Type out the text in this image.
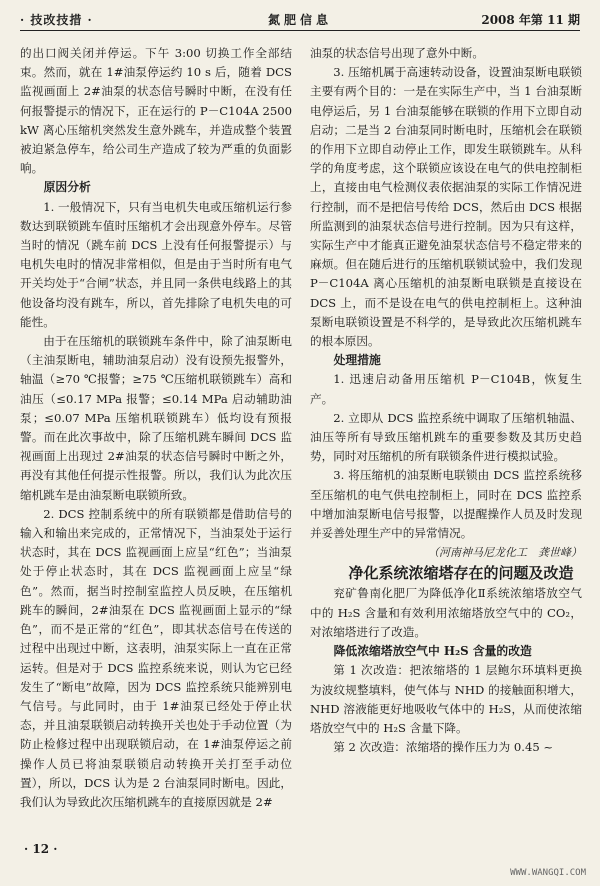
· 技改技措 ·	氮肥信息	2008 年第 11 期

的出口阀关闭并停运。下午 3:00 切换工作全部结束。然而，就在 1#油泵停运约 10 s 后，随着 DCS 监视画面上 2#油泵的状态信号瞬时中断，在没有任何报警提示的情况下，正在运行的 P－C104A 2500 kW 离心压缩机突然发生意外跳车，并造成整个装置被迫紧急停车，给公司生产造成了较为严重的负面影响。

原因分析

1. 一般情况下，只有当电机失电或压缩机运行参数达到联锁跳车值时压缩机才会出现意外停车。尽管当时的情况（跳车前 DCS 上没有任何报警提示）与电机失电时的情况非常相似，但是由于当时所有电气开关均处于“合闸”状态，并且同一条供电线路上的其他设备均没有跳车，所以，首先排除了电机失电的可能性。

由于在压缩机的联锁跳车条件中，除了油泵断电（主油泵断电，辅助油泵启动）没有设预先报警外，轴温（≥70 ℃报警；≥75 ℃压缩机联锁跳车）高和油压（≤0.17 MPa 报警；≤0.14 MPa 启动辅助油泵；≤0.07 MPa 压缩机联锁跳车）低均设有预报警。而在此次事故中，除了压缩机跳车瞬间 DCS 监视画面上出现过 2#油泵的状态信号瞬时中断之外，再没有其他任何提示性报警。所以，我们认为此次压缩机跳车是由油泵断电联锁所致。

2. DCS 控制系统中的所有联锁都是借助信号的输入和输出来完成的，正常情况下，当油泵处于运行状态时，其在 DCS 监视画面上应呈“红色”；当油泵处于停止状态时，其在 DCS 监视画面上应呈“绿色”。然而，据当时控制室监控人员反映，在压缩机跳车的瞬间，2#油泵在 DCS 监视画面上显示的“绿色”，而不是正常的“红色”，即其状态信号在传送的过程中出现过中断，这表明，油泵实际上一直在正常运转。但是对于 DCS 监控系统来说，则认为它已经发生了“断电”故障，因为 DCS 监控系统只能辨别电气信号。与此同时，由于 1#油泵已经处于停止状态，并且油泵联锁启动转换开关也处于手动位置（为防止检修过程中出现联锁启动，在 1#油泵停运之前操作人员已将油泵联锁启动转换开关打至手动位置），所以，DCS 认为是 2 台油泵同时断电。因此，我们认为导致此次压缩机跳车的直接原因就是 2#

油泵的状态信号出现了意外中断。

3. 压缩机属于高速转动设备，设置油泵断电联锁主要有两个目的：一是在实际生产中，当 1 台油泵断电停运后，另 1 台油泵能够在联锁的作用下立即自动启动；二是当 2 台油泵同时断电时，压缩机会在联锁的作用下立即自动停止工作，即发生联锁跳车。从科学的角度考虑，这个联锁应该设在电气的供电控制柜上，直接由电气检测仪表依据油泵的实际工作情况进行控制，而不是把信号传给 DCS，然后由 DCS 根据所监测到的油泵状态信号进行控制。因为只有这样，实际生产中才能真正避免油泵状态信号不稳定带来的麻烦。但在随后进行的压缩机联锁试验中，我们发现 P－C104A 离心压缩机的油泵断电联锁是直接设在 DCS 上，而不是设在电气的供电控制柜上。这种油泵断电联锁设置是不科学的，是导致此次压缩机跳车的根本原因。

处理措施

1. 迅速启动备用压缩机 P－C104B，恢复生产。

2. 立即从 DCS 监控系统中调取了压缩机轴温、油压等所有导致压缩机跳车的重要参数及其历史趋势，同时对压缩机的所有联锁条件进行模拟试验。

3. 将压缩机的油泵断电联锁由 DCS 监控系统移至压缩机的电气供电控制柜上，同时在 DCS 监控系中增加油泵断电信号报警，以提醒操作人员及时发现并妥善处理生产中的异常情况。

（河南神马尼龙化工　龚世峰）

净化系统浓缩塔存在的问题及改造

兖矿鲁南化肥厂为降低净化Ⅱ系统浓缩塔放空气中的 H₂S 含量和有效利用浓缩塔放空气中的 CO₂，对浓缩塔进行了改造。

降低浓缩塔放空气中 H₂S 含量的改造

第 1 次改造：把浓缩塔的 1 层鲍尔环填料更换为波纹规整填料，使气体与 NHD 的接触面积增大，NHD 溶液能更好地吸收气体中的 H₂S，从而使浓缩塔放空气中的 H₂S 含量下降。

第 2 次改造：浓缩塔的操作压力为 0.45 ~

· 12 ·
WWW.WANGQI.COM
